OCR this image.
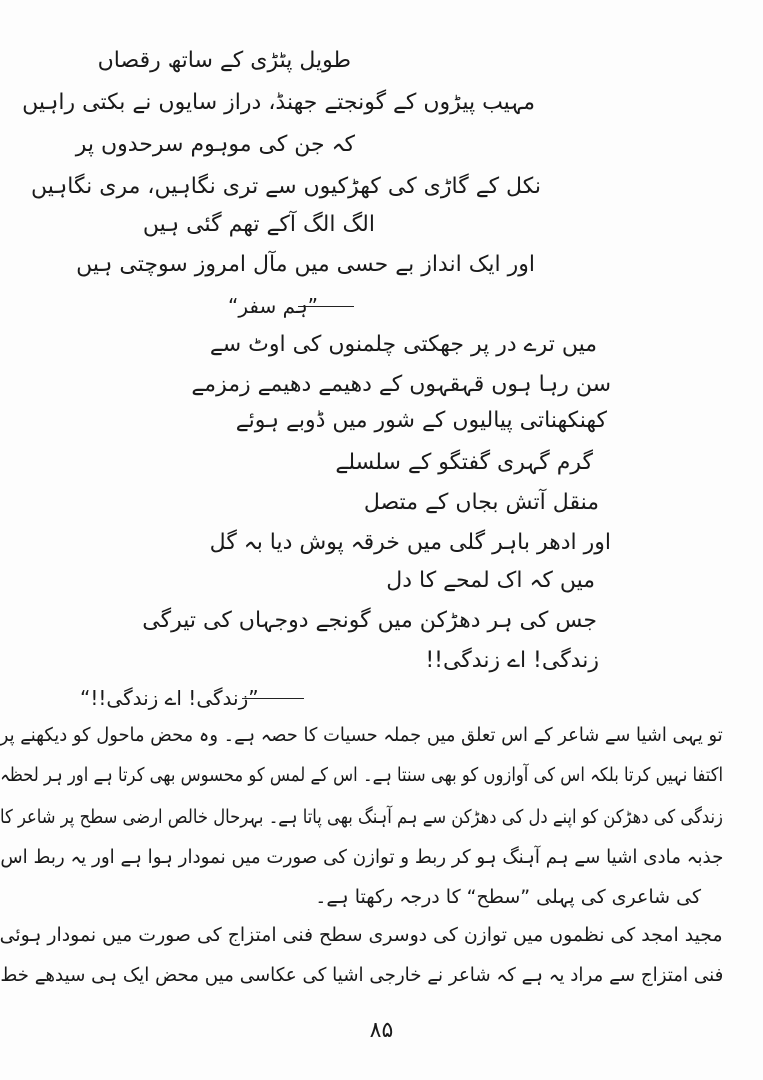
طویل پٹڑی کے ساتھ رقصاں
مہیب پیڑوں کے گونجتے جھنڈ، دراز سایوں نے بکتی راہیں
کہ جن کی موہوم سرحدوں پر
نکل کے گاڑی کی کھڑکیوں سے تری نگاہیں، مری نگاہیں
الگ الگ آکے تھم گئی ہیں
اور ایک انداز بے حسی میں مآل امروز سوچتی ہیں
”ہم سفر“
میں ترے در پر جھکتی چلمنوں کی اوٹ سے
سن رہا ہوں قہقہوں کے دھیمے دھیمے زمزمے
کھنکھناتی پیالیوں کے شور میں ڈوبے ہوئے
گرم گہری گفتگو کے سلسلے
منقل آتش بجاں کے متصل
اور ادھر باہر گلی میں خرقہ پوش دیا بہ گل
میں کہ اک لمحے کا دل
جس کی ہر دھڑکن میں گونجے دوجہاں کی تیرگی
زندگی! اے زندگی!!
”زندگی! اے زندگی!!“
تو یہی اشیا سے شاعر کے اس تعلق میں جملہ حسیات کا حصہ ہے۔ وہ محض ماحول کو دیکھنے پر
اکتفا نہیں کرتا بلکہ اس کی آوازوں کو بھی سنتا ہے۔ اس کے لمس کو محسوس بھی کرتا ہے اور ہر لحظہ
زندگی کی دھڑکن کو اپنے دل کی دھڑکن سے ہم آہنگ بھی پاتا ہے۔ بہرحال خالص ارضی سطح پر شاعر کا
جذبہ مادی اشیا سے ہم آہنگ ہو کر ربط و توازن کی صورت میں نمودار ہوا ہے اور یہ ربط اس
کی شاعری کی پہلی ”سطح“ کا درجہ رکھتا ہے۔
مجید امجد کی نظموں میں توازن کی دوسری سطح فنی امتزاج کی صورت میں نمودار ہوئی
فنی امتزاج سے مراد یہ ہے کہ شاعر نے خارجی اشیا کی عکاسی میں محض ایک ہی سیدھے خط
۸۵
